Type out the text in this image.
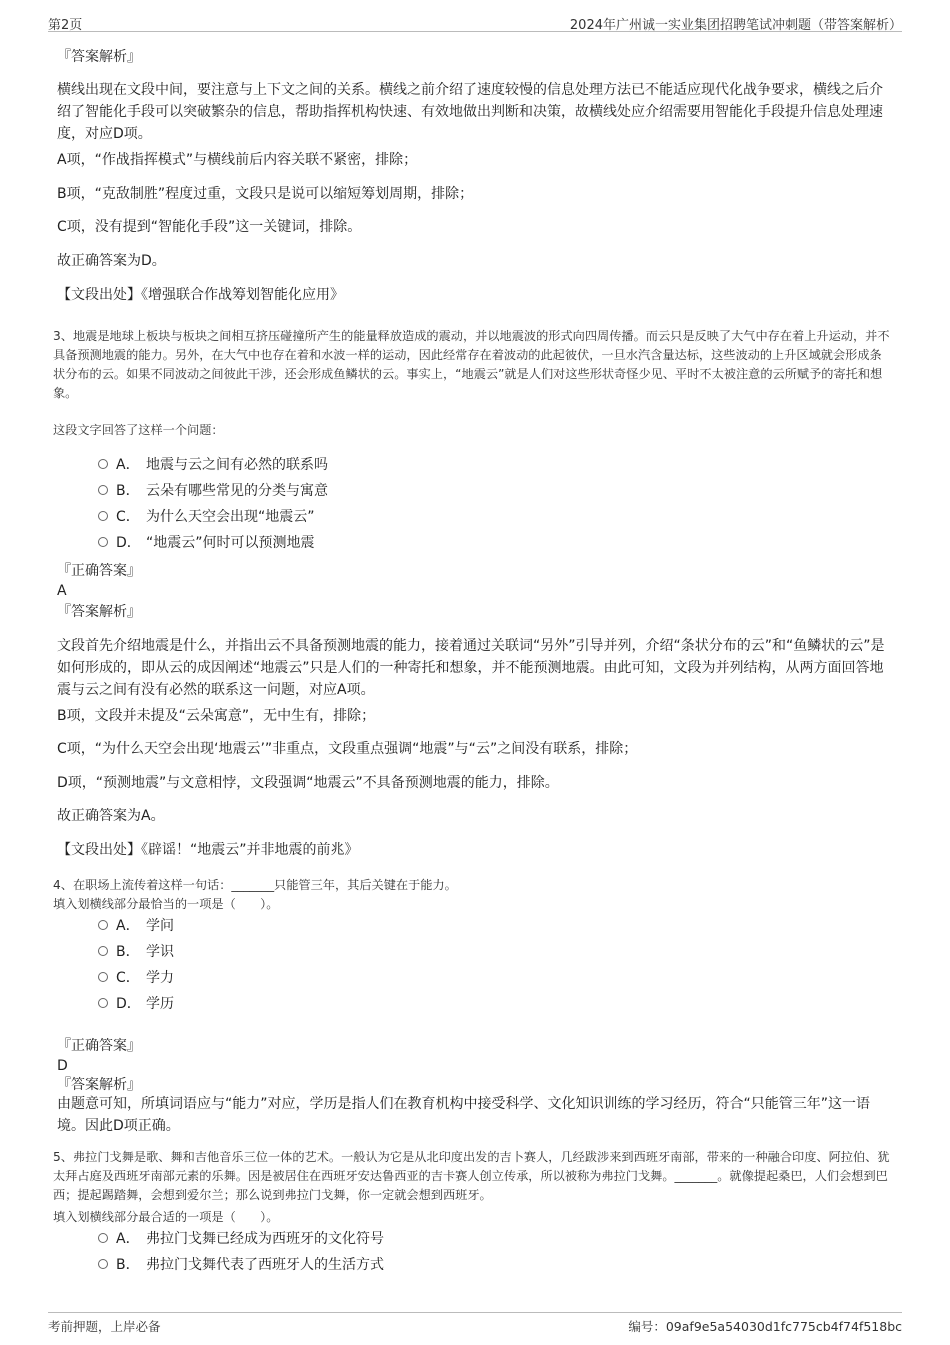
第2页	2024年广州诚一实业集团招聘笔试冲刺题（带答案解析）
『答案解析』
横线出现在文段中间，要注意与上下文之间的关系。横线之前介绍了速度较慢的信息处理方法已不能适应现代化战争要求，横线之后介绍了智能化手段可以突破繁杂的信息，帮助指挥机构快速、有效地做出判断和决策，故横线处应介绍需要用智能化手段提升信息处理速度，对应D项。
A项，“作战指挥模式”与横线前后内容关联不紧密，排除；
B项，“克敌制胜”程度过重，文段只是说可以缩短筹划周期，排除；
C项，没有提到“智能化手段”这一关键词，排除。
故正确答案为D。
【文段出处】《增强联合作战筹划智能化应用》
3、地震是地球上板块与板块之间相互挤压碰撞所产生的能量释放造成的震动，并以地震波的形式向四周传播。而云只是反映了大气中存在着上升运动，并不具备预测地震的能力。另外，在大气中也存在着和水波一样的运动，因此经常存在着波动的此起彼伏，一旦水汽含量达标，这些波动的上升区域就会形成条状分布的云。如果不同波动之间彼此干涉，还会形成鱼鳞状的云。事实上，“地震云”就是人们对这些形状奇怪少见、平时不太被注意的云所赋予的寄托和想象。
这段文字回答了这样一个问题：
A． 地震与云之间有必然的联系吗
B． 云朵有哪些常见的分类与寓意
C． 为什么天空会出现“地震云”
D． “地震云”何时可以预测地震
『正确答案』
A
『答案解析』
文段首先介绍地震是什么，并指出云不具备预测地震的能力，接着通过关联词“另外”引导并列，介绍“条状分布的云”和“鱼鳞状的云”是如何形成的，即从云的成因阐述“地震云”只是人们的一种寄托和想象，并不能预测地震。由此可知，文段为并列结构，从两方面回答地震与云之间有没有必然的联系这一问题，对应A项。
B项，文段并未提及“云朵寓意”，无中生有，排除；
C项，“为什么天空会出现‘地震云’”非重点，文段重点强调“地震”与“云”之间没有联系，排除；
D项，“预测地震”与文意相悖，文段强调“地震云”不具备预测地震的能力，排除。
故正确答案为A。
【文段出处】《辟谣！“地震云”并非地震的前兆》
4、在职场上流传着这样一句话：_______只能管三年，其后关键在于能力。
填入划横线部分最恰当的一项是（　　）。
A． 学问
B． 学识
C． 学力
D． 学历
『正确答案』
D
『答案解析』
由题意可知，所填词语应与“能力”对应，学历是指人们在教育机构中接受科学、文化知识训练的学习经历，符合“只能管三年”这一语境。因此D项正确。
5、弗拉门戈舞是歌、舞和吉他音乐三位一体的艺术。一般认为它是从北印度出发的吉卜赛人，几经跋涉来到西班牙南部，带来的一种融合印度、阿拉伯、犹太拜占庭及西班牙南部元素的乐舞。因是被居住在西班牙安达鲁西亚的吉卡赛人创立传承，所以被称为弗拉门戈舞。_______。就像提起桑巴，人们会想到巴西；提起踢踏舞，会想到爱尔兰；那么说到弗拉门戈舞，你一定就会想到西班牙。
填入划横线部分最合适的一项是（　　）。
A． 弗拉门戈舞已经成为西班牙的文化符号
B． 弗拉门戈舞代表了西班牙人的生活方式
考前押题，上岸必备	编号：09af9e5a54030d1fc775cb4f74f518bc
